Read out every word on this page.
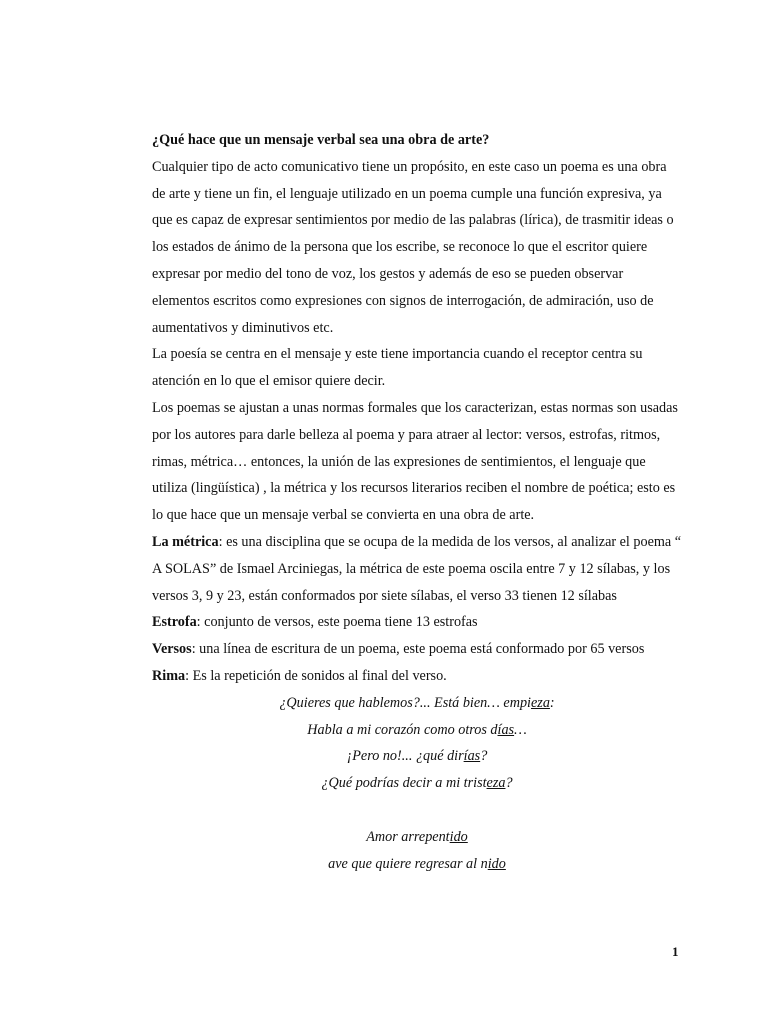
¿Qué hace que un mensaje verbal sea una obra de arte?

Cualquier tipo de acto comunicativo tiene un propósito, en este caso un poema es una obra de arte y tiene un fin, el lenguaje utilizado en un poema cumple una función expresiva, ya que es capaz de expresar sentimientos por medio de las palabras (lírica), de trasmitir ideas o los estados de ánimo de la persona que los escribe, se reconoce lo que el escritor quiere expresar por medio del tono de voz, los gestos y además de eso se pueden observar elementos escritos como expresiones con signos de interrogación, de admiración, uso de aumentativos y diminutivos etc.

La poesía se centra en el mensaje y este tiene importancia cuando el receptor centra su atención en lo que el emisor quiere decir.

Los poemas se ajustan a unas normas formales que los caracterizan, estas normas son usadas por los autores para darle belleza al poema y para atraer al lector: versos, estrofas, ritmos, rimas, métrica… entonces, la unión de las expresiones de sentimientos, el lenguaje que utiliza (lingüística) , la métrica y los recursos literarios reciben el nombre de poética; esto es lo que hace que un mensaje verbal se convierta en una obra de arte.

La métrica: es una disciplina que se ocupa de la medida de los versos, al analizar el poema “ A SOLAS” de Ismael Arciniegas, la métrica de este poema oscila entre 7 y 12 sílabas, y los versos 3, 9 y 23, están conformados por siete sílabas, el verso 33 tienen 12 sílabas

Estrofa: conjunto de versos, este poema tiene 13 estrofas

Versos: una línea de escritura de un poema, este poema está conformado por 65 versos

Rima: Es la repetición de sonidos al final del verso.

¿Quieres que hablemos?... Está bien… empieza:
Habla a mi corazón como otros días…
¡Pero no!... ¿qué dirías?
¿Qué podrías decir a mi tristeza?
Amor arrepentido
ave que quiere regresar al nido
1
